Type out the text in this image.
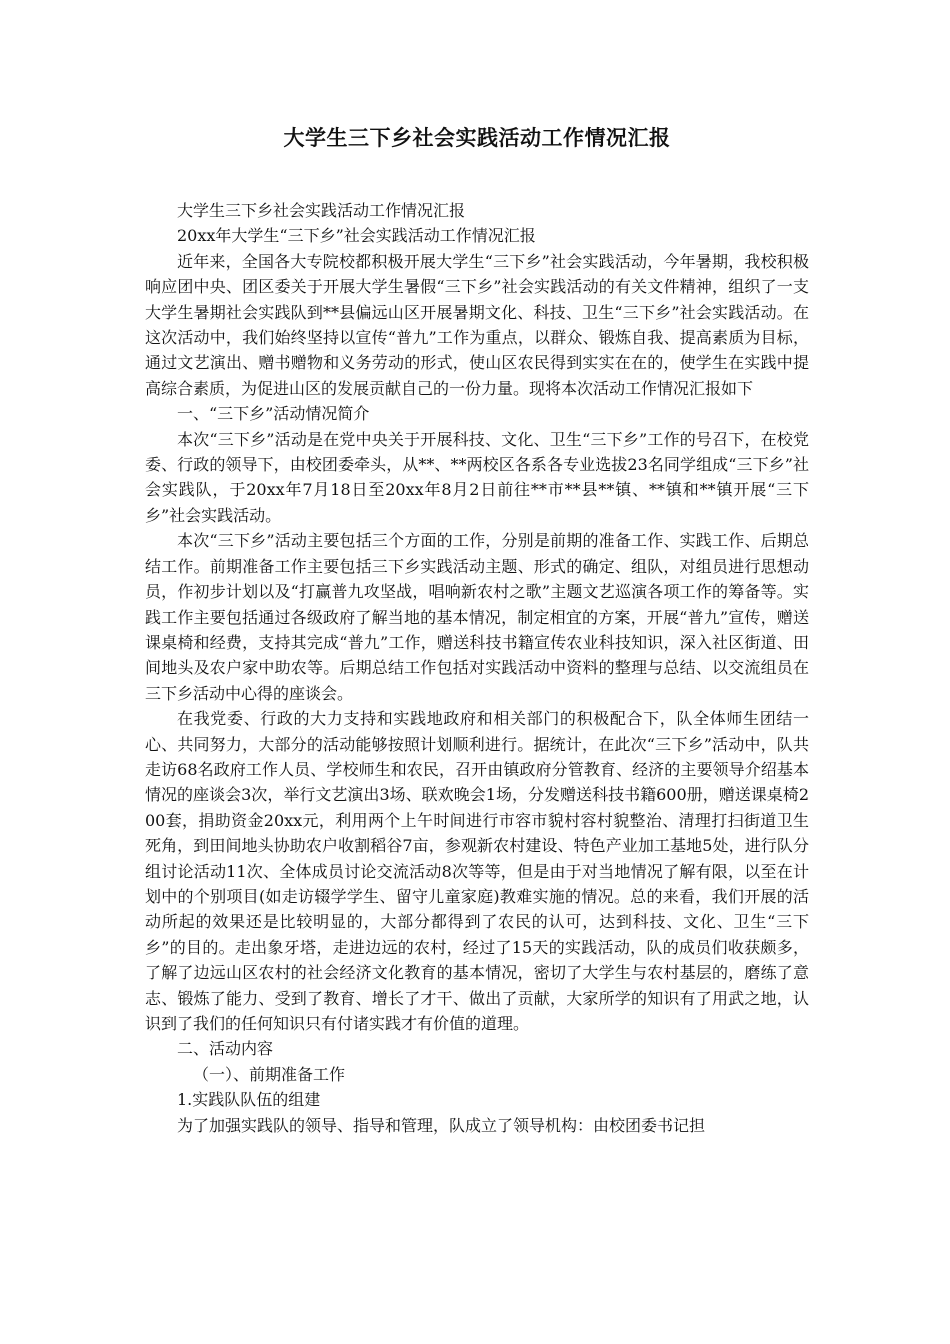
大学生三下乡社会实践活动工作情况汇报

大学生三下乡社会实践活动工作情况汇报

20xx年大学生“三下乡”社会实践活动工作情况汇报

近年来，全国各大专院校都积极开展大学生“三下乡”社会实践活动，今年暑期，我校积极响应团中央、团区委关于开展大学生暑假“三下乡”社会实践活动的有关文件精神，组织了一支大学生暑期社会实践队到**县偏远山区开展暑期文化、科技、卫生“三下乡”社会实践活动。在这次活动中，我们始终坚持以宣传“普九”工作为重点，以群众、锻炼自我、提高素质为目标，通过文艺演出、赠书赠物和义务劳动的形式，使山区农民得到实实在在的，使学生在实践中提高综合素质，为促进山区的发展贡献自己的一份力量。现将本次活动工作情况汇报如下

一、“三下乡”活动情况简介

本次“三下乡”活动是在党中央关于开展科技、文化、卫生“三下乡”工作的号召下，在校党委、行政的领导下，由校团委牵头，从**、**两校区各系各专业选拔23名同学组成“三下乡”社会实践队，于20xx年7月18日至20xx年8月2日前往**市**县**镇、**镇和**镇开展“三下乡”社会实践活动。

本次“三下乡”活动主要包括三个方面的工作，分别是前期的准备工作、实践工作、后期总结工作。前期准备工作主要包括三下乡实践活动主题、形式的确定、组队，对组员进行思想动员，作初步计划以及“打赢普九攻坚战，唱响新农村之歌”主题文艺巡演各项工作的筹备等。实践工作主要包括通过各级政府了解当地的基本情况，制定相宜的方案，开展“普九”宣传，赠送课桌椅和经费，支持其完成“普九”工作，赠送科技书籍宣传农业科技知识，深入社区街道、田间地头及农户家中助农等。后期总结工作包括对实践活动中资料的整理与总结、以交流组员在三下乡活动中心得的座谈会。

在我党委、行政的大力支持和实践地政府和相关部门的积极配合下，队全体师生团结一心、共同努力，大部分的活动能够按照计划顺利进行。据统计，在此次“三下乡”活动中，队共走访68名政府工作人员、学校师生和农民，召开由镇政府分管教育、经济的主要领导介绍基本情况的座谈会3次，举行文艺演出3场、联欢晚会1场，分发赠送科技书籍600册，赠送课桌椅200套，捐助资金20xx元，利用两个上午时间进行市容市貌村容村貌整治、清理打扫街道卫生死角，到田间地头协助农户收割稻谷7亩，参观新农村建设、特色产业加工基地5处，进行队分组讨论活动11次、全体成员讨论交流活动8次等等，但是由于对当地情况了解有限，以至在计划中的个别项目(如走访辍学学生、留守儿童家庭)教难实施的情况。总的来看，我们开展的活动所起的效果还是比较明显的，大部分都得到了农民的认可，达到科技、文化、卫生“三下乡”的目的。走出象牙塔，走进边远的农村，经过了15天的实践活动，队的成员们收获颇多，了解了边远山区农村的社会经济文化教育的基本情况，密切了大学生与农村基层的，磨练了意志、锻炼了能力、受到了教育、增长了才干、做出了贡献，大家所学的知识有了用武之地，认识到了我们的任何知识只有付诸实践才有价值的道理。

二、活动内容

（一）、前期准备工作

1.实践队队伍的组建

为了加强实践队的领导、指导和管理，队成立了领导机构：由校团委书记担
